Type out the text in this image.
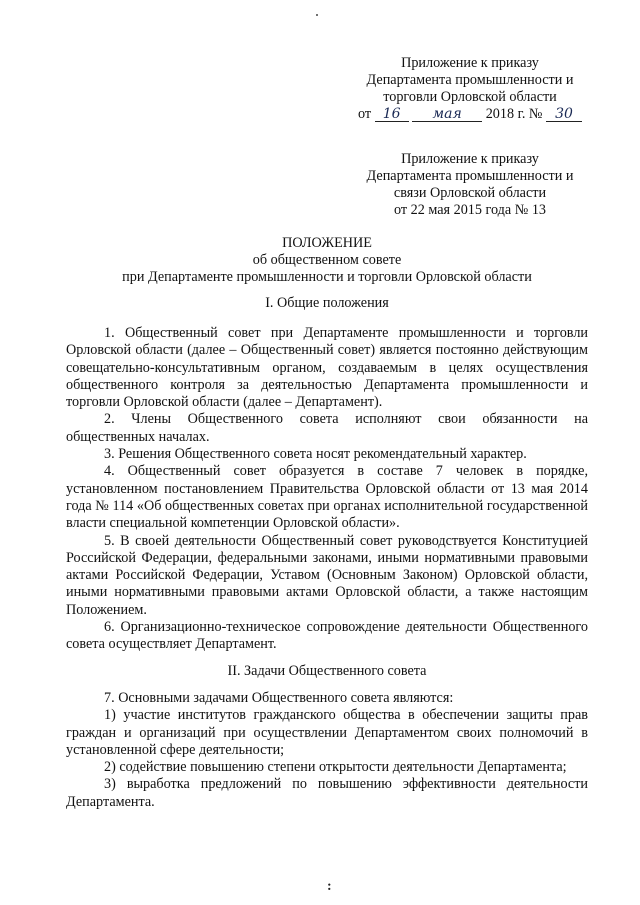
Приложение к приказу
Департамента промышленности и
торговли Орловской области
от 16 мая 2018 г. № 30
Приложение к приказу
Департамента промышленности и
связи Орловской области
от 22 мая 2015 года № 13
ПОЛОЖЕНИЕ
об общественном совете
при Департаменте промышленности и торговли Орловской области
I. Общие положения

1. Общественный совет при Департаменте промышленности и торговли Орловской области (далее – Общественный совет) является постоянно действующим совещательно-консультативным органом, создаваемым в целях осуществления общественного контроля за деятельностью Департамента промышленности и торговли Орловской области (далее – Департамент).

2. Члены Общественного совета исполняют свои обязанности на общественных началах.

3. Решения Общественного совета носят рекомендательный характер.

4. Общественный совет образуется в составе 7 человек в порядке, установленном постановлением Правительства Орловской области от 13 мая 2014 года № 114 «Об общественных советах при органах исполнительной государственной власти специальной компетенции Орловской области».

5. В своей деятельности Общественный совет руководствуется Конституцией Российской Федерации, федеральными законами, иными нормативными правовыми актами Российской Федерации, Уставом (Основным Законом) Орловской области, иными нормативными правовыми актами Орловской области, а также настоящим Положением.

6. Организационно-техническое сопровождение деятельности Общественного совета осуществляет Департамент.

II. Задачи Общественного совета

7. Основными задачами Общественного совета являются:

1) участие институтов гражданского общества в обеспечении защиты прав граждан и организаций при осуществлении Департаментом своих полномочий в установленной сфере деятельности;

2) содействие повышению степени открытости деятельности Департамента;

3) выработка предложений по повышению эффективности деятельности Департамента.

:
